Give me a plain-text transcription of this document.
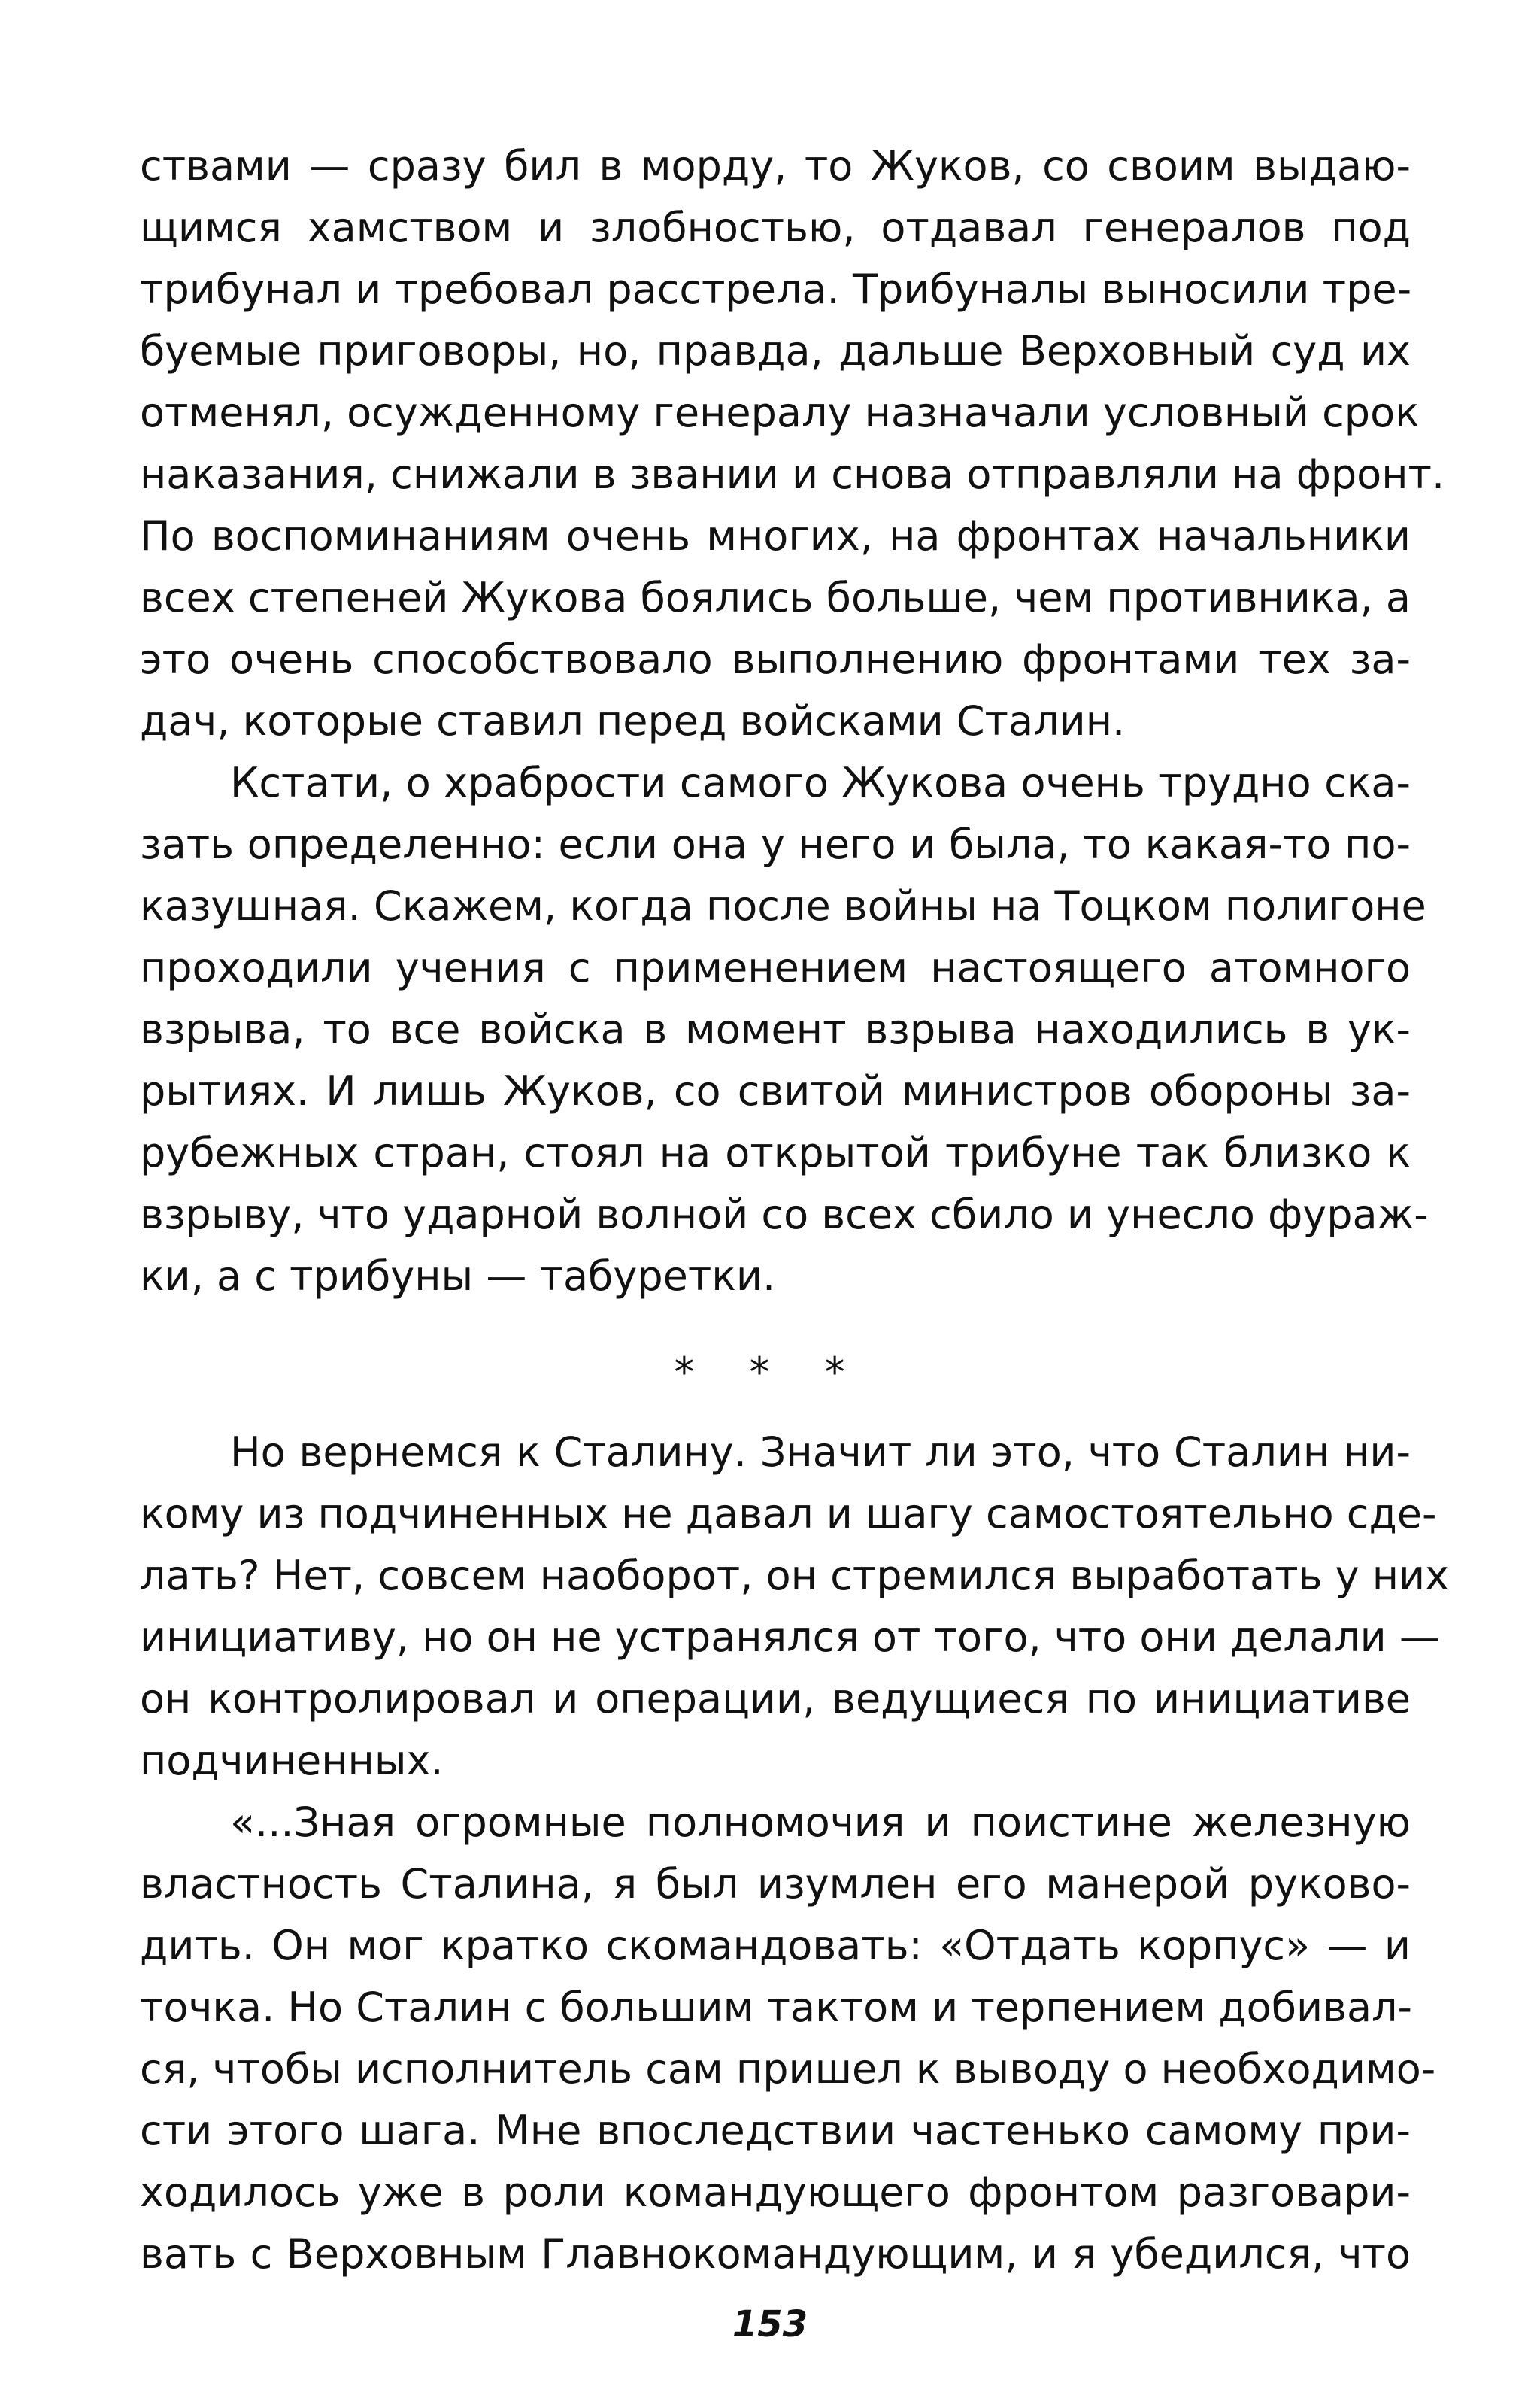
ствами — сразу бил в морду, то Жуков, со своим выдаю-
щимся хамством и злобностью, отдавал генералов под
трибунал и требовал расстрела. Трибуналы выносили тре-
буемые приговоры, но, правда, дальше Верховный суд их
отменял, осужденному генералу назначали условный срок
наказания, снижали в звании и снова отправляли на фронт.
По воспоминаниям очень многих, на фронтах начальники
всех степеней Жукова боялись больше, чем противника, а
это очень способствовало выполнению фронтами тех за-
дач, которые ставил перед войсками Сталин.
Кстати, о храбрости самого Жукова очень трудно ска-
зать определенно: если она у него и была, то какая-то по-
казушная. Скажем, когда после войны на Тоцком полигоне
проходили учения с применением настоящего атомного
взрыва, то все войска в момент взрыва находились в ук-
рытиях. И лишь Жуков, со свитой министров обороны за-
рубежных стран, стоял на открытой трибуне так близко к
взрыву, что ударной волной со всех сбило и унесло фураж-
ки, а с трибуны — табуретки.
* * *
Но вернемся к Сталину. Значит ли это, что Сталин ни-
кому из подчиненных не давал и шагу самостоятельно сде-
лать? Нет, совсем наоборот, он стремился выработать у них
инициативу, но он не устранялся от того, что они делали —
он контролировал и операции, ведущиеся по инициативе
подчиненных.
«...Зная огромные полномочия и поистине железную
властность Сталина, я был изумлен его манерой руково-
дить. Он мог кратко скомандовать: «Отдать корпус» — и
точка. Но Сталин с большим тактом и терпением добивал-
ся, чтобы исполнитель сам пришел к выводу о необходимо-
сти этого шага. Мне впоследствии частенько самому при-
ходилось уже в роли командующего фронтом разговари-
вать с Верховным Главнокомандующим, и я убедился, что
153
